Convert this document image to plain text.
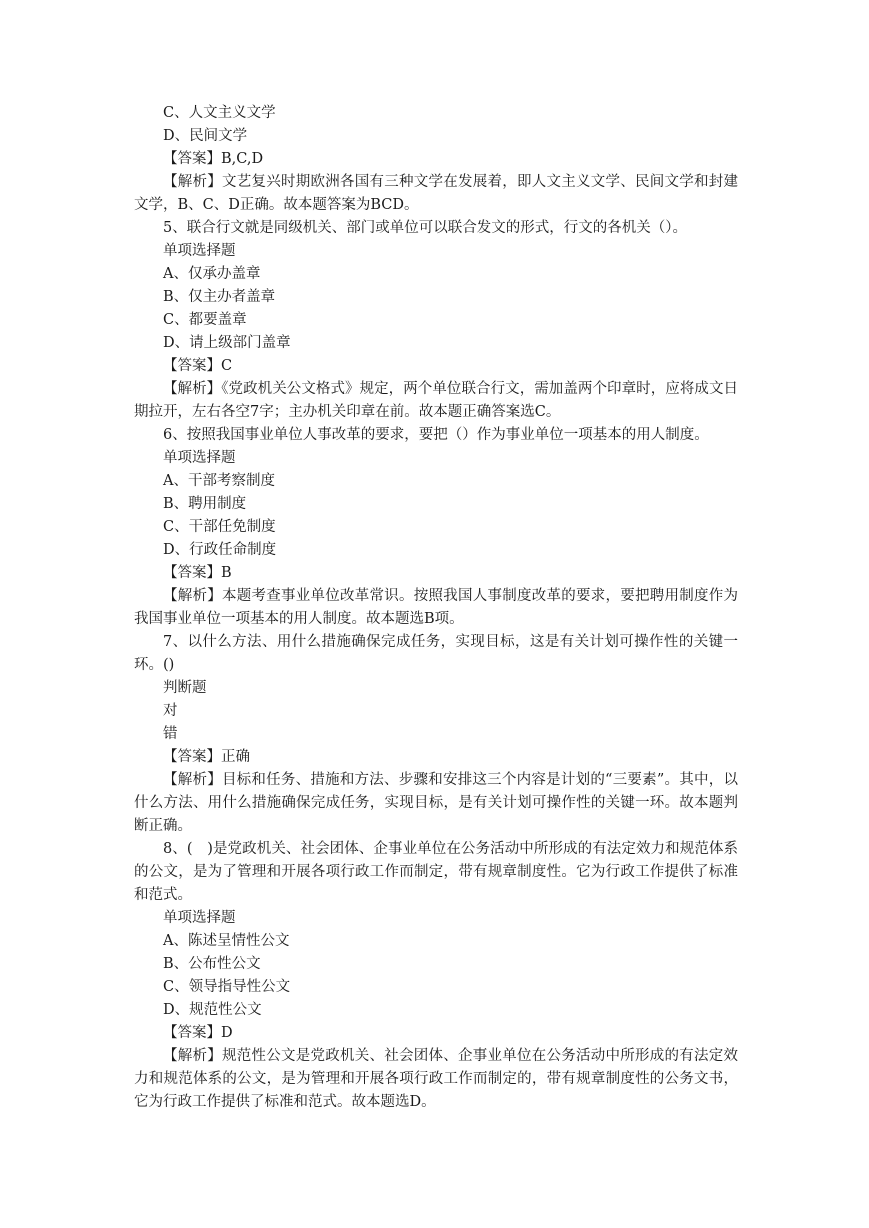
C、人文主义文学

D、民间文学

【答案】B,C,D

【解析】文艺复兴时期欧洲各国有三种文学在发展着，即人文主义文学、民间文学和封建文学，B、C、D正确。故本题答案为BCD。

5、联合行文就是同级机关、部门或单位可以联合发文的形式，行文的各机关（）。

单项选择题

A、仅承办盖章

B、仅主办者盖章

C、都要盖章

D、请上级部门盖章

【答案】C

【解析】《党政机关公文格式》规定，两个单位联合行文，需加盖两个印章时，应将成文日期拉开，左右各空7字；主办机关印章在前。故本题正确答案选C。

6、按照我国事业单位人事改革的要求，要把（）作为事业单位一项基本的用人制度。

单项选择题

A、干部考察制度

B、聘用制度

C、干部任免制度

D、行政任命制度

【答案】B

【解析】本题考查事业单位改革常识。按照我国人事制度改革的要求，要把聘用制度作为我国事业单位一项基本的用人制度。故本题选B项。

7、以什么方法、用什么措施确保完成任务，实现目标，这是有关计划可操作性的关键一环。()

判断题

对

错

【答案】正确

【解析】目标和任务、措施和方法、步骤和安排这三个内容是计划的“三要素”。其中，以什么方法、用什么措施确保完成任务，实现目标，是有关计划可操作性的关键一环。故本题判断正确。

8、(　)是党政机关、社会团体、企事业单位在公务活动中所形成的有法定效力和规范体系的公文，是为了管理和开展各项行政工作而制定，带有规章制度性。它为行政工作提供了标准和范式。

单项选择题

A、陈述呈情性公文

B、公布性公文

C、领导指导性公文

D、规范性公文

【答案】D

【解析】规范性公文是党政机关、社会团体、企事业单位在公务活动中所形成的有法定效力和规范体系的公文，是为管理和开展各项行政工作而制定的，带有规章制度性的公务文书，它为行政工作提供了标准和范式。故本题选D。
